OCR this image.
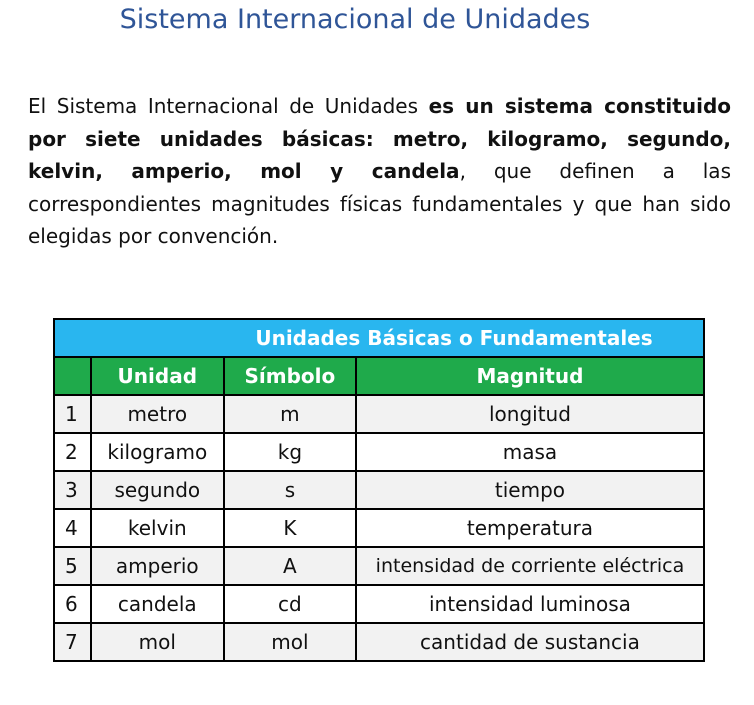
Sistema Internacional de Unidades

El Sistema Internacional de Unidades es un sistema constituido por siete unidades básicas: metro, kilogramo, segundo, kelvin, amperio, mol y candela, que definen a las correspondientes magnitudes físicas fundamentales y que han sido elegidas por convención.

Unidades Básicas o Fundamentales			
	Unidad	Símbolo	Magnitud
1	metro	m	longitud
2	kilogramo	kg	masa
3	segundo	s	tiempo
4	kelvin	K	temperatura
5	amperio	A	intensidad de corriente eléctrica
6	candela	cd	intensidad luminosa
7	mol	mol	cantidad de sustancia
